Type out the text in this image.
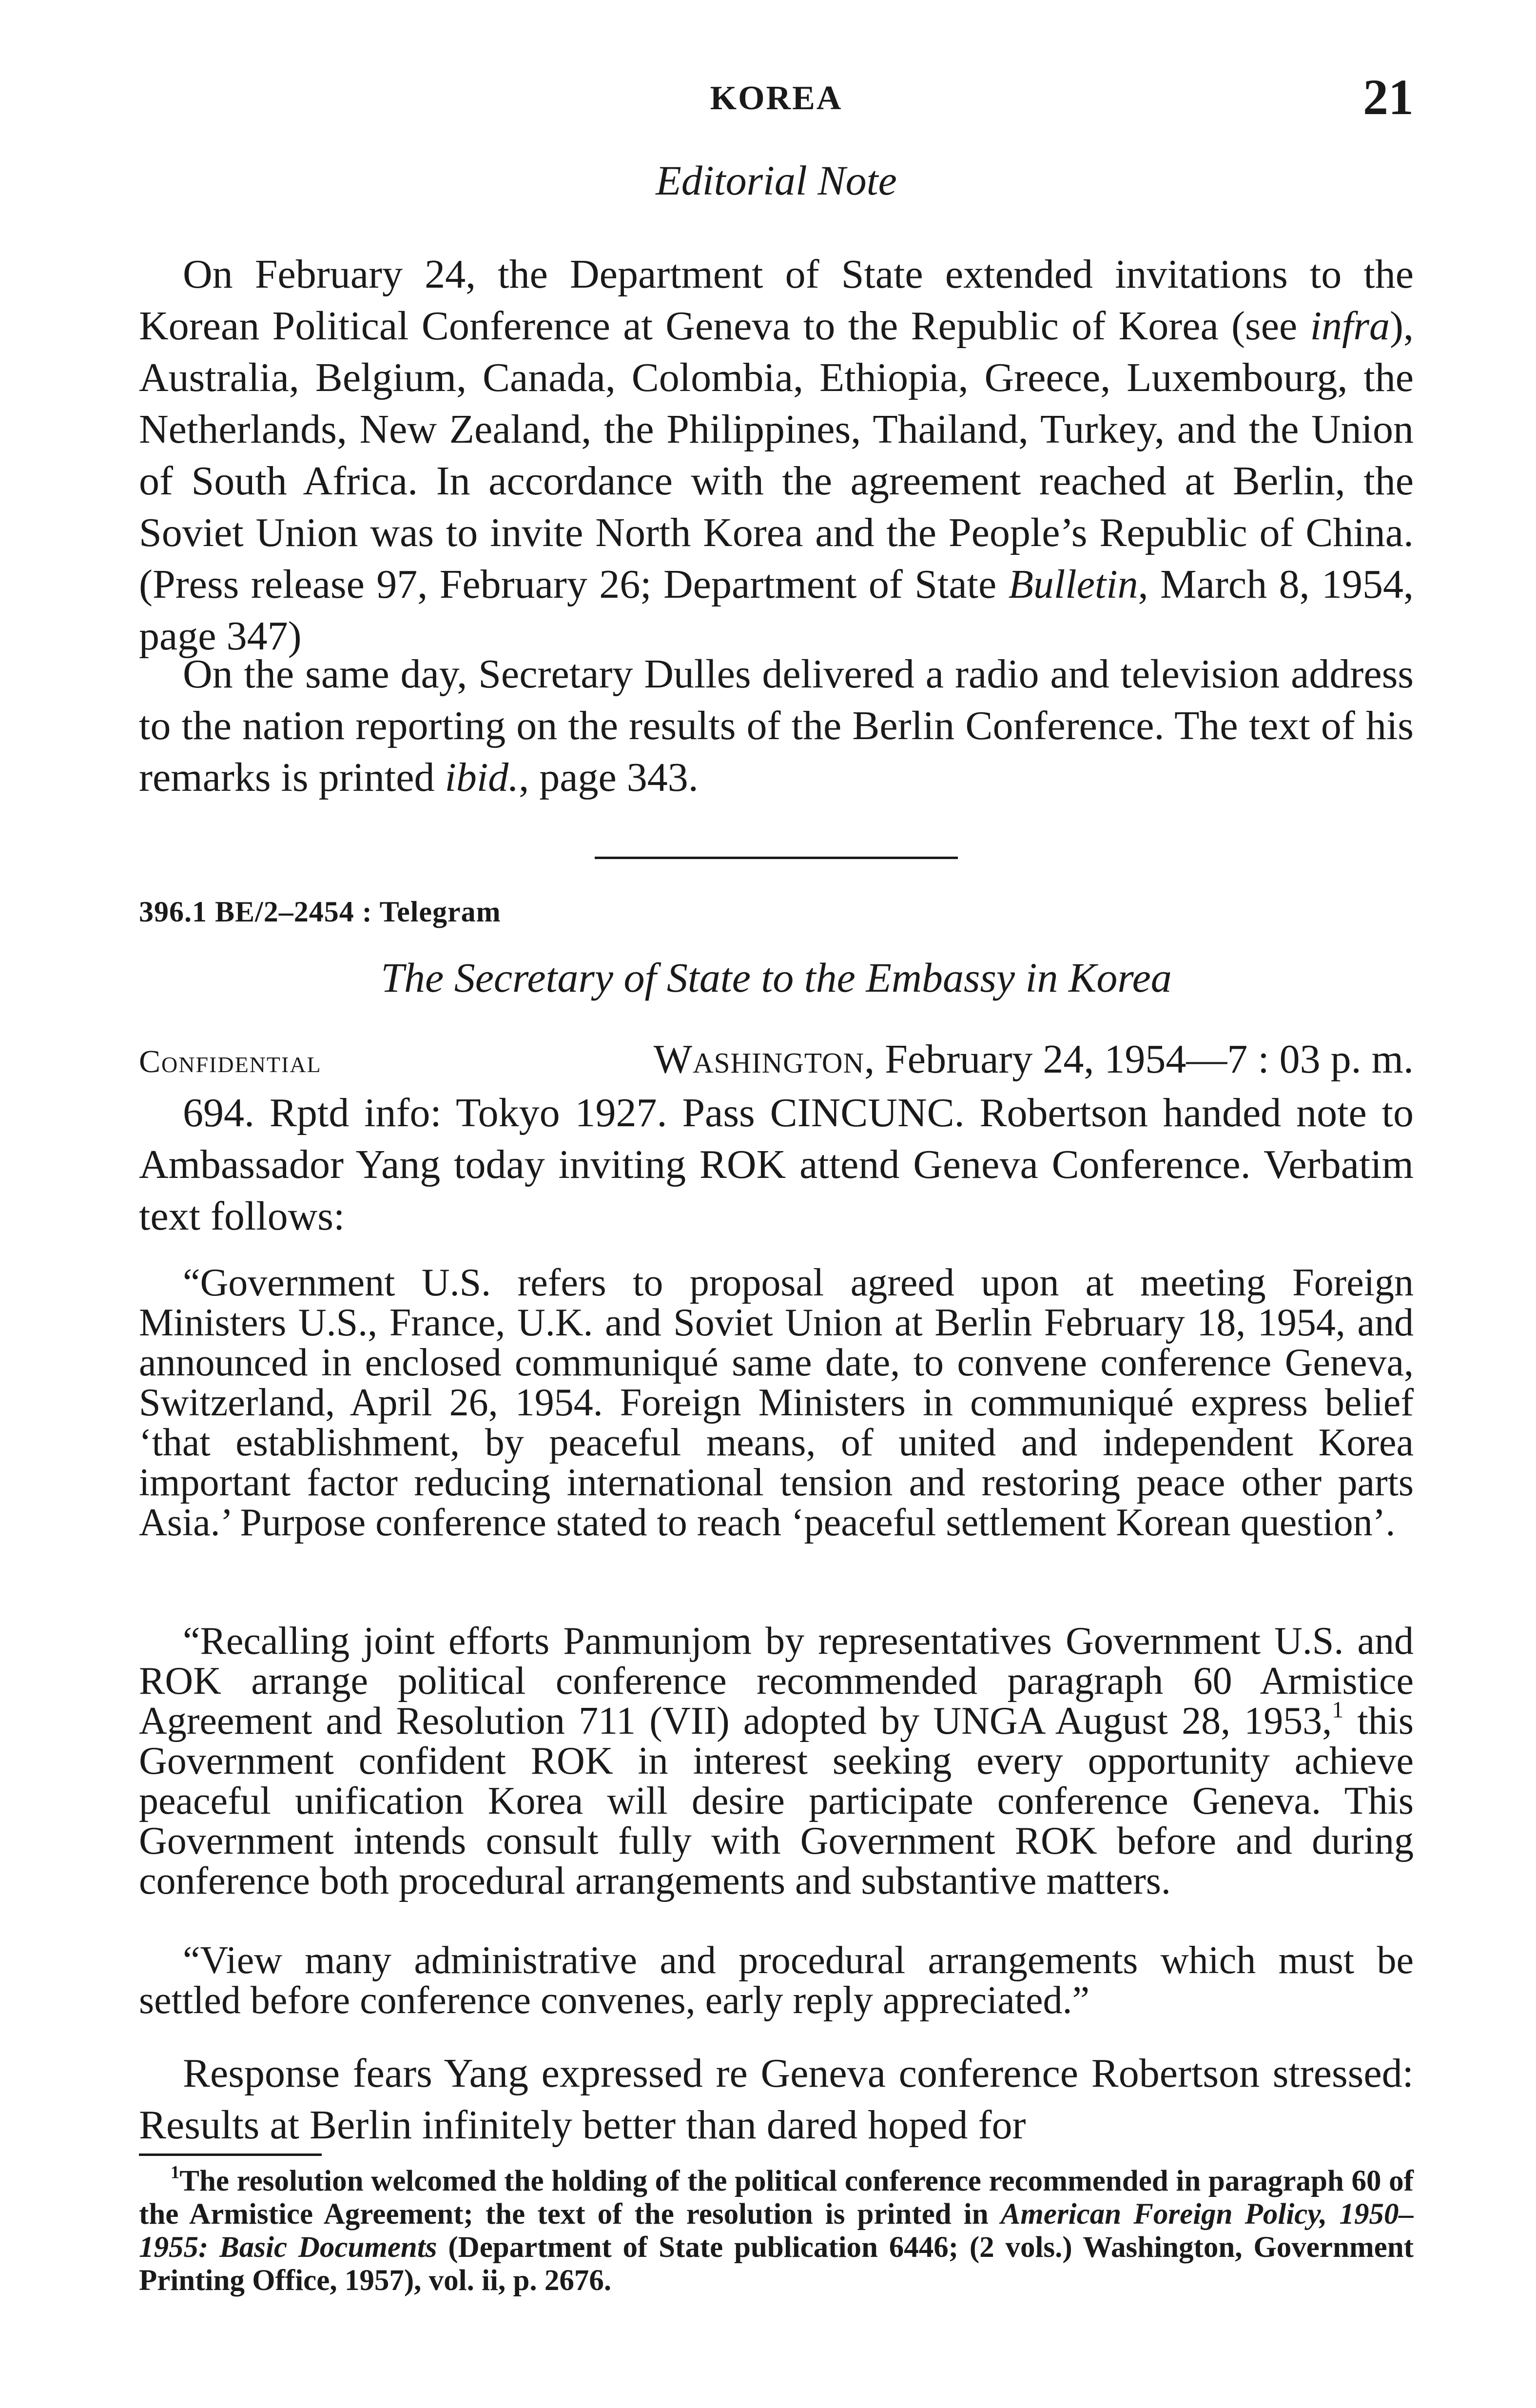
KOREA	21
Editorial Note

On February 24, the Department of State extended invitations to the Korean Political Conference at Geneva to the Republic of Korea (see infra), Australia, Belgium, Canada, Colombia, Ethiopia, Greece, Luxembourg, the Netherlands, New Zealand, the Philippines, Thailand, Turkey, and the Union of South Africa. In accordance with the agreement reached at Berlin, the Soviet Union was to invite North Korea and the People’s Republic of China. (Press release 97, February 26; Department of State Bulletin, March 8, 1954, page 347)

On the same day, Secretary Dulles delivered a radio and television address to the nation reporting on the results of the Berlin Conference. The text of his remarks is printed ibid., page 343.

396.1 BE/2–2454 : Telegram
The Secretary of State to the Embassy in Korea
Confidential	Washington, February 24, 1954—7 : 03 p. m.

694. Rptd info: Tokyo 1927. Pass CINCUNC. Robertson handed note to Ambassador Yang today inviting ROK attend Geneva Conference. Verbatim text follows:

“Government U.S. refers to proposal agreed upon at meeting Foreign Ministers U.S., France, U.K. and Soviet Union at Berlin February 18, 1954, and announced in enclosed communiqué same date, to convene conference Geneva, Switzerland, April 26, 1954. Foreign Ministers in communiqué express belief ‘that establishment, by peaceful means, of united and independent Korea important factor reducing international tension and restoring peace other parts Asia.’ Purpose conference stated to reach ‘peaceful settlement Korean question’.

“Recalling joint efforts Panmunjom by representatives Government U.S. and ROK arrange political conference recommended paragraph 60 Armistice Agreement and Resolution 711 (VII) adopted by UNGA August 28, 1953,$^1$ this Government confident ROK in interest seeking every opportunity achieve peaceful unification Korea will desire participate conference Geneva. This Government intends consult fully with Government ROK before and during conference both procedural arrangements and substantive matters.

“View many administrative and procedural arrangements which must be settled before conference convenes, early reply appreciated.”

Response fears Yang expressed re Geneva conference Robertson stressed: Results at Berlin infinitely better than dared hoped for

$^1$The resolution welcomed the holding of the political conference recommended in paragraph 60 of the Armistice Agreement; the text of the resolution is printed in American Foreign Policy, 1950–1955: Basic Documents (Department of State publication 6446; (2 vols.) Washington, Government Printing Office, 1957), vol. ii, p. 2676.
